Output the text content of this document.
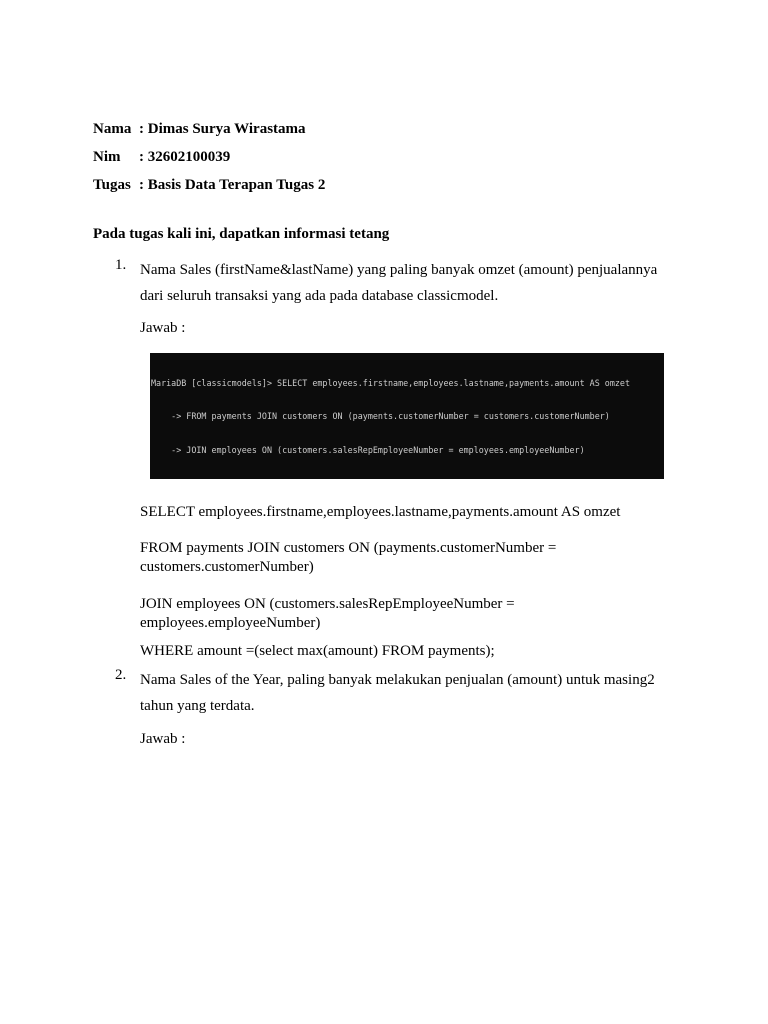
Nama : Dimas Surya Wirastama
Nim	: 32602100039
Tugas : Basis Data Terapan Tugas 2
Pada tugas kali ini, dapatkan informasi tetang
1. Nama Sales (firstName&lastName) yang paling banyak omzet (amount) penjualannya dari seluruh transaksi yang ada pada database classicmodel.
Jawab :

MariaDB [classicmodels]> SELECT employees.firstname,employees.lastname,payments.amount AS omzet

-> FROM payments JOIN customers ON (payments.customerNumber = customers.customerNumber)

-> JOIN employees ON (customers.salesRepEmployeeNumber = employees.employeeNumber)

SELECT employees.firstname,employees.lastname,payments.amount AS omzet
FROM payments JOIN customers ON (payments.customerNumber = customers.customerNumber)
JOIN employees ON (customers.salesRepEmployeeNumber = employees.employeeNumber)
WHERE amount =(select max(amount) FROM payments);
2. Nama Sales of the Year, paling banyak melakukan penjualan (amount) untuk masing2 tahun yang terdata.
Jawab :
